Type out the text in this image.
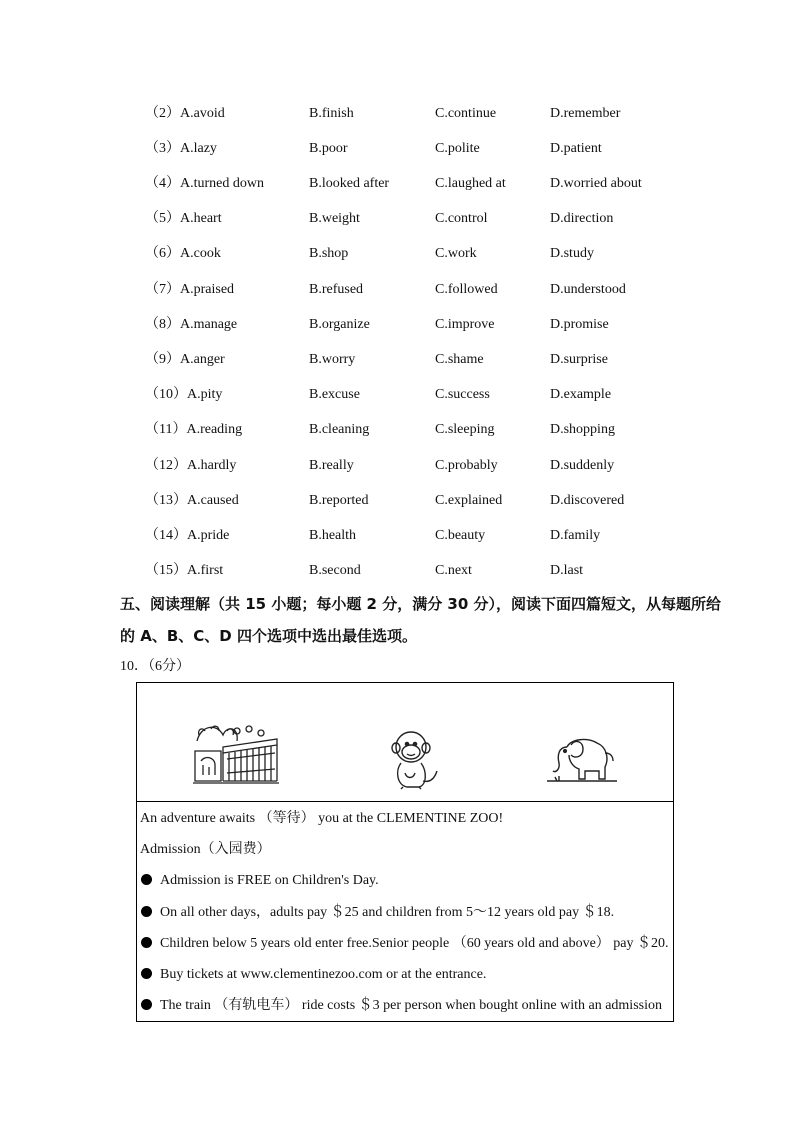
（2）A.avoid	B.finish	C.continue	D.remember
（3）A.lazy	B.poor	C.polite	D.patient
（4）A.turned down	B.looked after	C.laughed at	D.worried about
（5）A.heart	B.weight	C.control	D.direction
（6）A.cook	B.shop	C.work	D.study
（7）A.praised	B.refused	C.followed	D.understood
（8）A.manage	B.organize	C.improve	D.promise
（9）A.anger	B.worry	C.shame	D.surprise
（10）A.pity	B.excuse	C.success	D.example
（11）A.reading	B.cleaning	C.sleeping	D.shopping
（12）A.hardly	B.really	C.probably	D.suddenly
（13）A.caused	B.reported	C.explained	D.discovered
（14）A.pride	B.health	C.beauty	D.family
（15）A.first	B.second	C.next	D.last
五、阅读理解（共 15 小题；每小题 2 分，满分 30 分），阅读下面四篇短文，从每题所给
的 A、B、C、D 四个选项中选出最佳选项。
10．（6分）
An adventure awaits （等待） you at the CLEMENTINE ZOO!
Admission（入园费）
Admission is FREE on Children's Day.
On all other days，adults pay ＄25 and children from 5～12 years old pay ＄18.
Children below 5 years old enter free.Senior people （60 years old and above） pay ＄20.
Buy tickets at www.clementinezoo.com or at the entrance.
The train （有轨电车） ride costs ＄3 per person when bought online with an admission
